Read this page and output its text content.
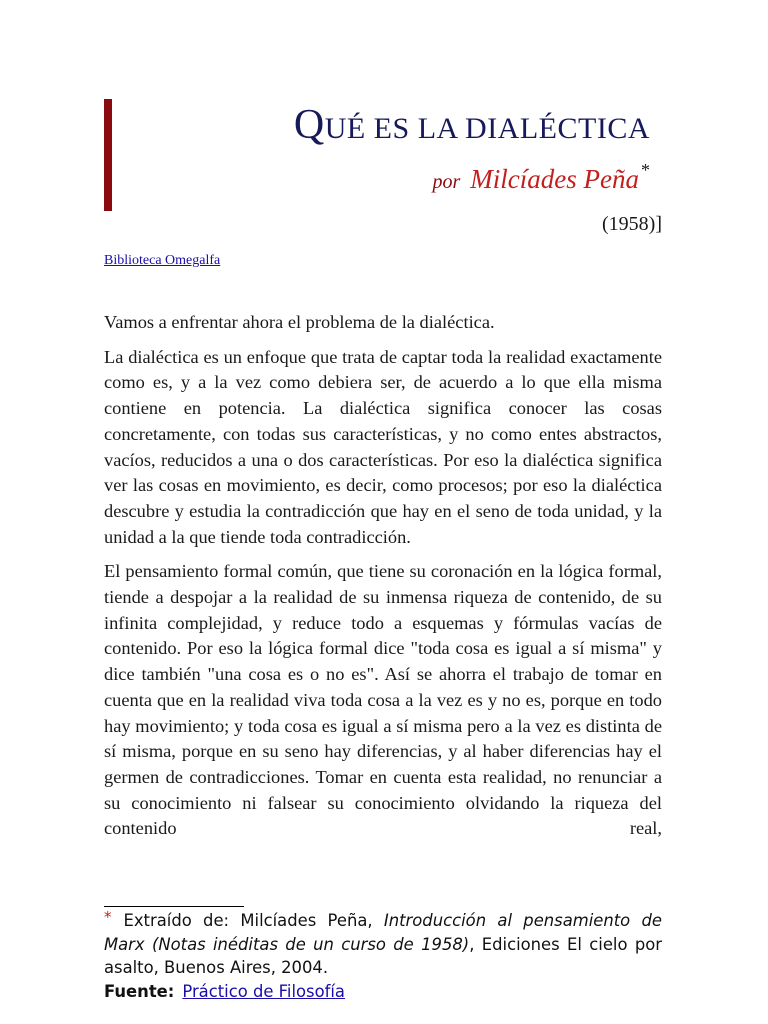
QUÉ ES LA DIALÉCTICA
por Milcíades Peña *
(1958)]
Biblioteca Omegalfa

Vamos a enfrentar ahora el problema de la dialéctica.

La dialéctica es un enfoque que trata de captar toda la realidad exactamente como es, y a la vez como debiera ser, de acuerdo a lo que ella misma contiene en potencia. La dialéctica significa conocer las cosas concretamente, con todas sus características, y no como entes abstractos, vacíos, reducidos a una o dos características. Por eso la dialéctica significa ver las cosas en movimiento, es decir, como procesos; por eso la dialéctica descubre y estudia la contradicción que hay en el seno de toda unidad, y la unidad a la que tiende toda contradicción.

El pensamiento formal común, que tiene su coronación en la lógica formal, tiende a despojar a la realidad de su inmensa riqueza de contenido, de su infinita complejidad, y reduce todo a esquemas y fórmulas vacías de contenido. Por eso la lógica formal dice "toda cosa es igual a sí misma" y dice también "una cosa es o no es". Así se ahorra el trabajo de tomar en cuenta que en la realidad viva toda cosa a la vez es y no es, porque en todo hay movimiento; y toda cosa es igual a sí misma pero a la vez es distinta de sí misma, porque en su seno hay diferencias, y al haber diferencias hay el germen de contradicciones. Tomar en cuenta esta realidad, no renunciar a su conocimiento ni falsear su conocimiento olvidando la riqueza del contenido real,

* Extraído de: Milcíades Peña, Introducción al pensamiento de Marx (Notas inéditas de un curso de 1958), Ediciones El cielo por asalto, Buenos Aires, 2004.
Fuente: Práctico de Filosofía
